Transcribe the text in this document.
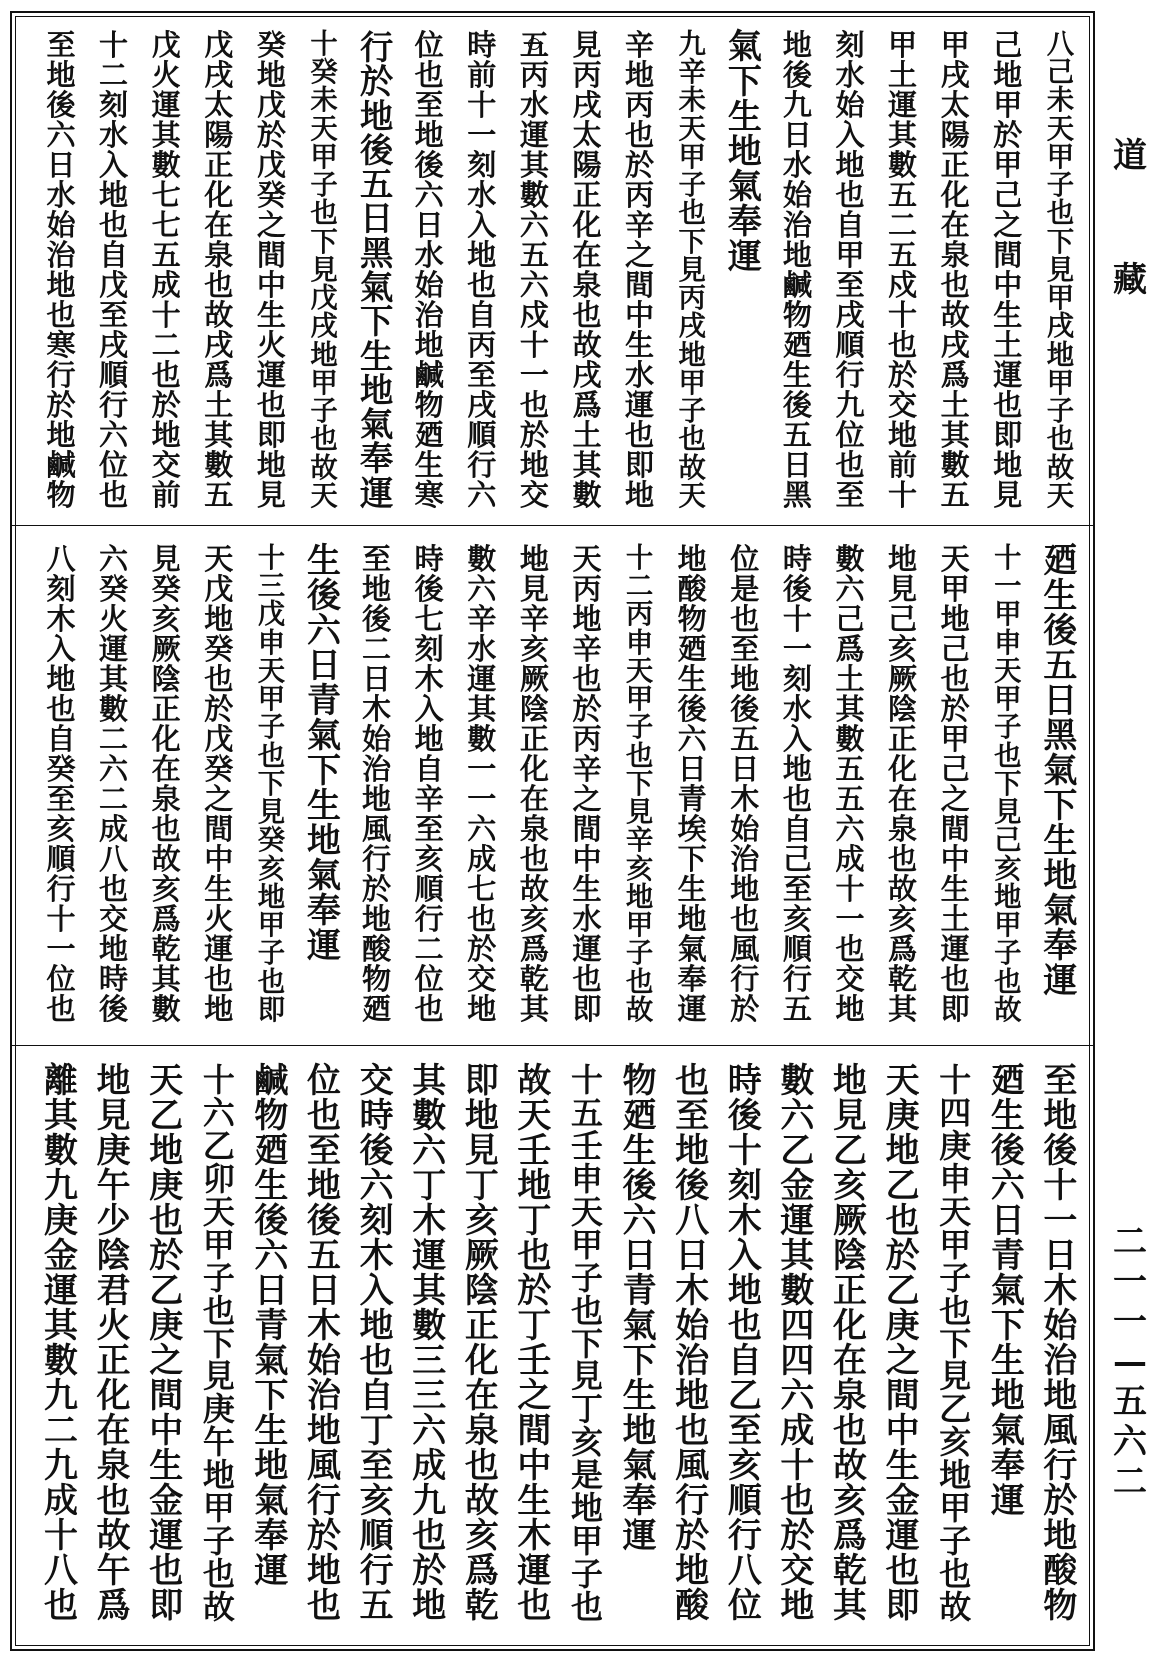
八
己
未
天
甲
子
也
下
見
甲
戌
地
甲
子
也
故
天
己
地
甲
於
甲
己
之
間
中
生
土
運
也
即
地
見
甲
戌
太
陽
正
化
在
泉
也
故
戌
爲
土
其
數
五
甲
土
運
其
數
五
二
五
戍
十
也
於
交
地
前
十
刻
水
始
入
地
也
自
甲
至
戌
順
行
九
位
也
至
地
後
九
日
水
始
治
地
鹹
物
廼
生
後
五
日
黑
氣
下
生
地
氣
奉
運
九
辛
未
天
甲
子
也
下
見
丙
戌
地
甲
子
也
故
天
辛
地
丙
也
於
丙
辛
之
間
中
生
水
運
也
即
地
見
丙
戌
太
陽
正
化
在
泉
也
故
戌
爲
土
其
數
五
丙
水
運
其
數
六
五
六
戍
十
一
也
於
地
交
時
前
十
一
刻
水
入
地
也
自
丙
至
戌
順
行
六
位
也
至
地
後
六
日
水
始
治
地
鹹
物
廼
生
寒
行
於
地
後
五
日
黑
氣
下
生
地
氣
奉
運
十
癸
未
天
甲
子
也
下
見
戊
戌
地
甲
子
也
故
天
癸
地
戊
於
戊
癸
之
間
中
生
火
運
也
即
地
見
戊
戌
太
陽
正
化
在
泉
也
故
戌
爲
土
其
數
五
戊
火
運
其
數
七
七
五
成
十
二
也
於
地
交
前
十
二
刻
水
入
地
也
自
戊
至
戌
順
行
六
位
也
至
地
後
六
日
水
始
治
地
也
寒
行
於
地
鹹
物
廼
生
後
五
日
黑
氣
下
生
地
氣
奉
運
十
一
甲
申
天
甲
子
也
下
見
己
亥
地
甲
子
也
故
天
甲
地
己
也
於
甲
己
之
間
中
生
土
運
也
即
地
見
己
亥
厥
陰
正
化
在
泉
也
故
亥
爲
乾
其
數
六
己
爲
土
其
數
五
五
六
成
十
一
也
交
地
時
後
十
一
刻
水
入
地
也
自
己
至
亥
順
行
五
位
是
也
至
地
後
五
日
木
始
治
地
也
風
行
於
地
酸
物
廼
生
後
六
日
青
埃
下
生
地
氣
奉
運
十
二
丙
申
天
甲
子
也
下
見
辛
亥
地
甲
子
也
故
天
丙
地
辛
也
於
丙
辛
之
間
中
生
水
運
也
即
地
見
辛
亥
厥
陰
正
化
在
泉
也
故
亥
爲
乾
其
數
六
辛
水
運
其
數
一
一
六
成
七
也
於
交
地
時
後
七
刻
木
入
地
自
辛
至
亥
順
行
二
位
也
至
地
後
二
日
木
始
治
地
風
行
於
地
酸
物
廼
生
後
六
日
青
氣
下
生
地
氣
奉
運
十
三
戊
申
天
甲
子
也
下
見
癸
亥
地
甲
子
也
即
天
戊
地
癸
也
於
戊
癸
之
間
中
生
火
運
也
地
見
癸
亥
厥
陰
正
化
在
泉
也
故
亥
爲
乾
其
數
六
癸
火
運
其
數
二
六
二
成
八
也
交
地
時
後
八
刻
木
入
地
也
自
癸
至
亥
順
行
十
一
位
也
至
地
後
十
一
日
木
始
治
地
風
行
於
地
酸
物
廼
生
後
六
日
青
氣
下
生
地
氣
奉
運
十
四
庚
申
天
甲
子
也
下
見
乙
亥
地
甲
子
也
故
天
庚
地
乙
也
於
乙
庚
之
間
中
生
金
運
也
即
地
見
乙
亥
厥
陰
正
化
在
泉
也
故
亥
爲
乾
其
數
六
乙
金
運
其
數
四
四
六
成
十
也
於
交
地
時
後
十
刻
木
入
地
也
自
乙
至
亥
順
行
八
位
也
至
地
後
八
日
木
始
治
地
也
風
行
於
地
酸
物
廼
生
後
六
日
青
氣
下
生
地
氣
奉
運
十
五
壬
申
天
甲
子
也
下
見
丁
亥
是
地
甲
子
也
故
天
壬
地
丁
也
於
丁
壬
之
間
中
生
木
運
也
即
地
見
丁
亥
厥
陰
正
化
在
泉
也
故
亥
爲
乾
其
數
六
丁
木
運
其
數
三
三
六
成
九
也
於
地
交
時
後
六
刻
木
入
地
也
自
丁
至
亥
順
行
五
位
也
至
地
後
五
日
木
始
治
地
風
行
於
地
也
鹹
物
廼
生
後
六
日
青
氣
下
生
地
氣
奉
運
十
六
乙
卯
天
甲
子
也
下
見
庚
午
地
甲
子
也
故
天
乙
地
庚
也
於
乙
庚
之
間
中
生
金
運
也
即
地
見
庚
午
少
陰
君
火
正
化
在
泉
也
故
午
爲
離
其
數
九
庚
金
運
其
數
九
二
九
成
十
八
也
道
藏
二
一
一
—
五
六
二
